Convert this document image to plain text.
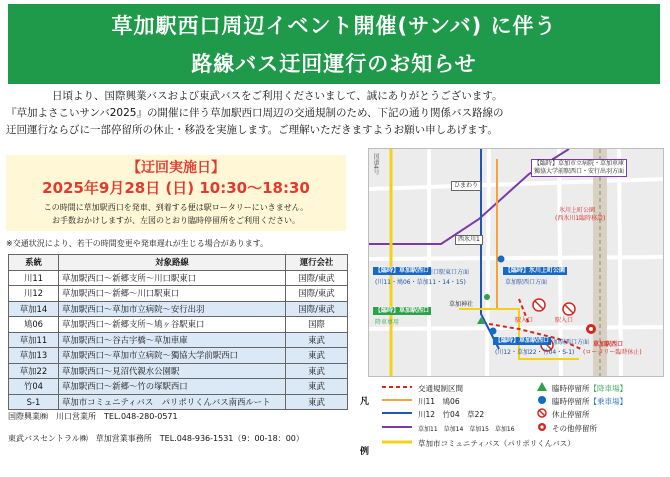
草加駅西口周辺イベント開催(サンバ) に伴う
路線バス迂回運行のお知らせ
日頃より、国際興業バスおよび東武バスをご利用くださいまして、誠にありがとうございます。
『草加よさこいサンバ2025』の開催に伴う草加駅西口周辺の交通規制のため、下記の通り関係バス路線の
迂回運行ならびに一部停留所の休止・移設を実施します。ご理解いただきますようお願い申しあげます。
【迂回実施日】
2025年9月28日 (日) 10:30～18:30
この時間に草加駅西口を発車、到着する便は駅ロータリーにいきません。
お手数おかけしますが、左図のとおり臨時停留所をご利用ください。
※交通状況により、若干の時間変更や発車遅れが生じる場合があります。
系統	対象路線	運行会社
川11	草加駅西口～新郷支所～川口駅東口	国際/東武
川12	草加駅西口～新郷～川口駅東口	国際/東武
草加14	草加駅西口～草加市立病院～安行出羽	国際/東武
鳩06	草加駅西口～新郷支所～鳩ヶ谷駅東口	国際
草加11	草加駅西口～谷古宇橋～草加車庫	東武
草加13	草加駅西口～草加市立病院～獨協大学前駅西口	東武
草加22	草加駅西口～見沼代親水公園駅	東武
竹04	草加駅西口～新郷～竹の塚駅西口	東武
S-1	草加市コミュニティバス　パリポリくんバス南西ルート	東武
国際興業㈱　川口営業所　TEL.048-280-0571
東武バスセントラル㈱　草加営業事務所　TEL.048-936-1531（9：00-18：00）
【臨時】草加市立病院・草加車庫
獨協大学前駅西口・安行出羽方面
ひまわり
氷川上町公園
(西氷川1臨時移設)
西氷川1
【臨時】草加駅西口
川口駅東口方面
(川11・鳩06・草加11・14・15)
【臨時】氷川上町公園
草加駅西口方面
【臨時】草加駅西口
降車専用
草加神社
【臨時】草加駅西口
草加駅西口方面
(川12・草加22・竹04・S-1)
草加駅西口
(ロータリー臨時休止)
駅入口	駅入口
国道4号
凡
例
交通規制区間
川11　鳩06
川12　竹04　草22
草加11　草加14　草加15　草加16
草加市コミュニティバス（パリポリくんバス）
臨時停留所【降車場】
臨時停留所【乗車場】
休止停留所
その他停留所
